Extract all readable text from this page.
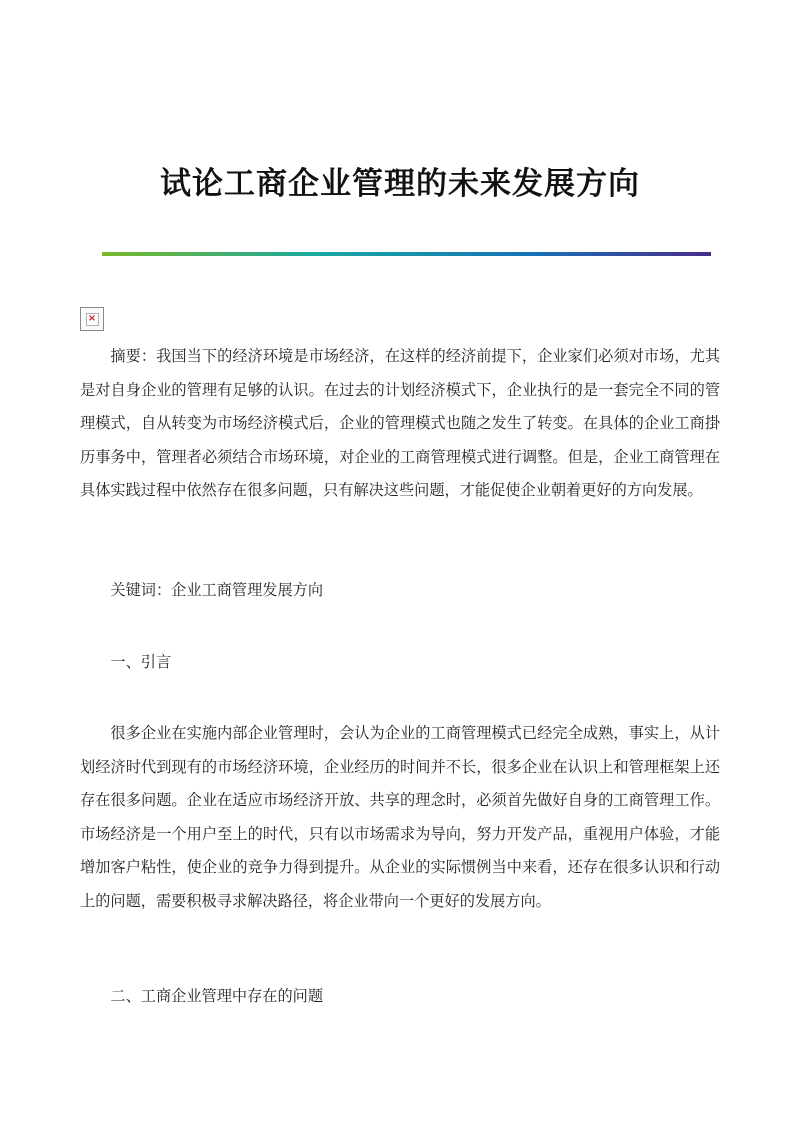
试论工商企业管理的未来发展方向
×

摘要：我国当下的经济环境是市场经济，在这样的经济前提下，企业家们必须对市场，尤其是对自身企业的管理有足够的认识。在过去的计划经济模式下，企业执行的是一套完全不同的管理模式，自从转变为市场经济模式后，企业的管理模式也随之发生了转变。在具体的企业工商掛历事务中，管理者必须结合市场环境，对企业的工商管理模式进行调整。但是，企业工商管理在具体实践过程中依然存在很多问题，只有解决这些问题，才能促使企业朝着更好的方向发展。

关键词：企业工商管理发展方向

一、引言

很多企业在实施内部企业管理时，会认为企业的工商管理模式已经完全成熟，事实上，从计划经济时代到现有的市场经济环境，企业经历的时间并不长，很多企业在认识上和管理框架上还存在很多问题。企业在适应市场经济开放、共享的理念时，必须首先做好自身的工商管理工作。市场经济是一个用户至上的时代，只有以市场需求为导向，努力开发产品，重视用户体验，才能增加客户粘性，使企业的竞争力得到提升。从企业的实际惯例当中来看，还存在很多认识和行动上的问题，需要积极寻求解决路径，将企业带向一个更好的发展方向。

二、工商企业管理中存在的问题
